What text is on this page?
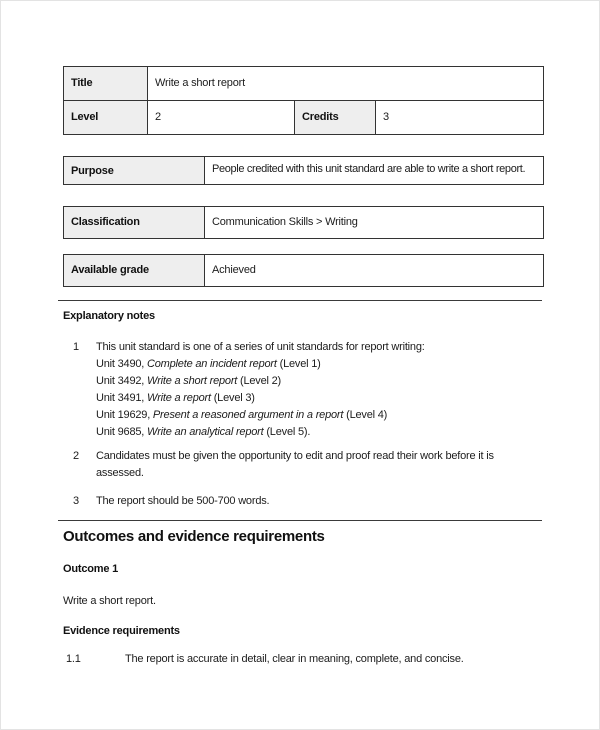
Title	Write a short report		
Level	2	Credits	3
Purpose	People credited with this unit standard are able to write a short report.
Classification	Communication Skills > Writing
Available grade	Achieved
Explanatory notes
1	This unit standard is one of a series of unit standards for report writing:
Unit 3490, Complete an incident report (Level 1)
Unit 3492, Write a short report (Level 2)
Unit 3491, Write a report (Level 3)
Unit 19629, Present a reasoned argument in a report (Level 4)
Unit 9685, Write an analytical report (Level 5).
2	Candidates must be given the opportunity to edit and proof read their work before it is assessed.
3	The report should be 500-700 words.
Outcomes and evidence requirements
Outcome 1
Write a short report.
Evidence requirements
1.1	The report is accurate in detail, clear in meaning, complete, and concise.
